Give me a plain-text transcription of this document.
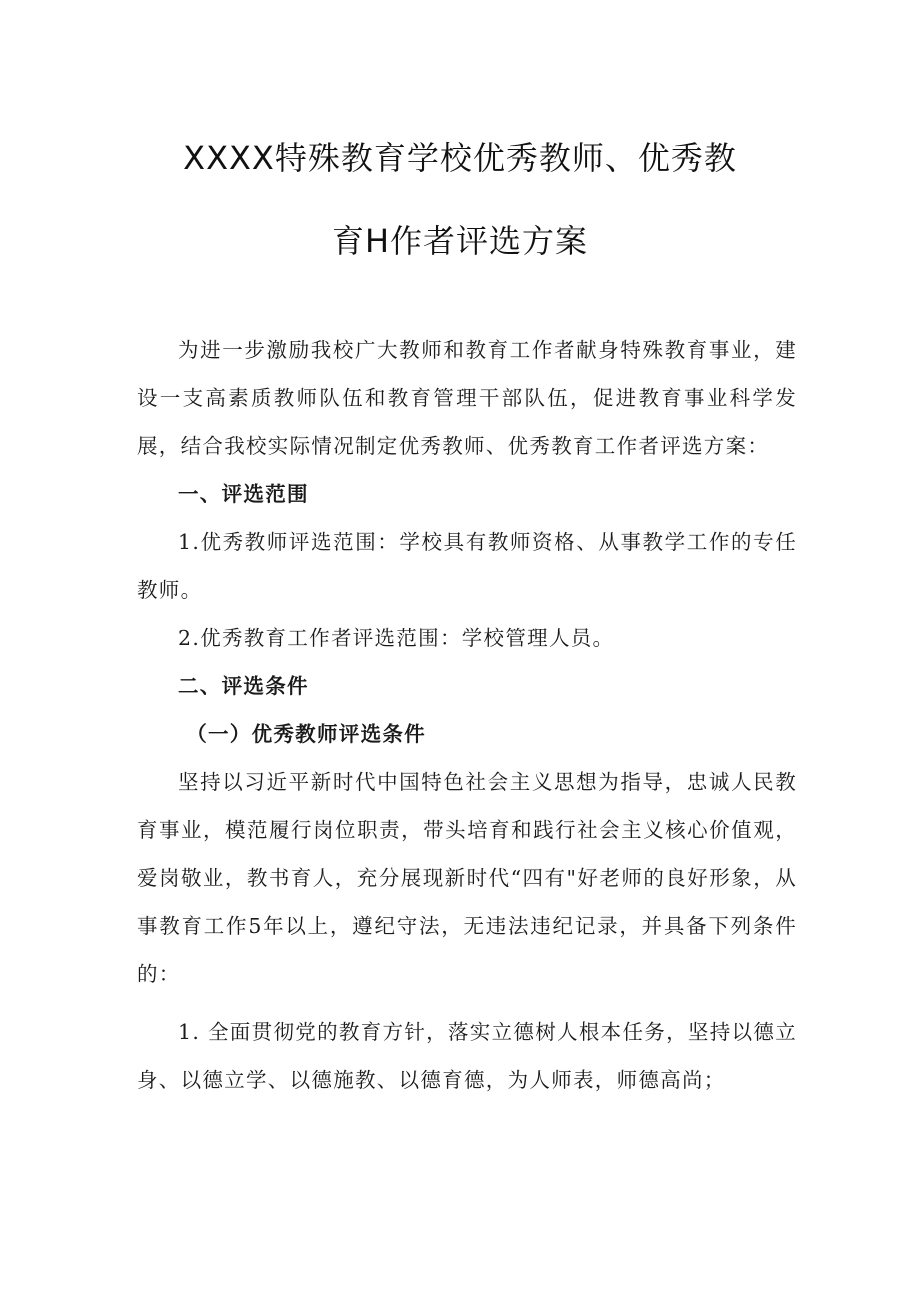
XXXX特殊教育学校优秀教师、优秀教
育H作者评选方案

为进一步激励我校广大教师和教育工作者献身特殊教育事业，建设一支高素质教师队伍和教育管理干部队伍，促进教育事业科学发展，结合我校实际情况制定优秀教师、优秀教育工作者评选方案：

一、评选范围

1.优秀教师评选范围：学校具有教师资格、从事教学工作的专任教师。

2.优秀教育工作者评选范围：学校管理人员。

二、评选条件

（一）优秀教师评选条件

坚持以习近平新时代中国特色社会主义思想为指导，忠诚人民教育事业，模范履行岗位职责，带头培育和践行社会主义核心价值观，爱岗敬业，教书育人，充分展现新时代“四有"好老师的良好形象，从事教育工作5年以上，遵纪守法，无违法违纪记录，并具备下列条件的：

1. 全面贯彻党的教育方针，落实立德树人根本任务，坚持以德立身、以德立学、以德施教、以德育德，为人师表，师德高尚；
